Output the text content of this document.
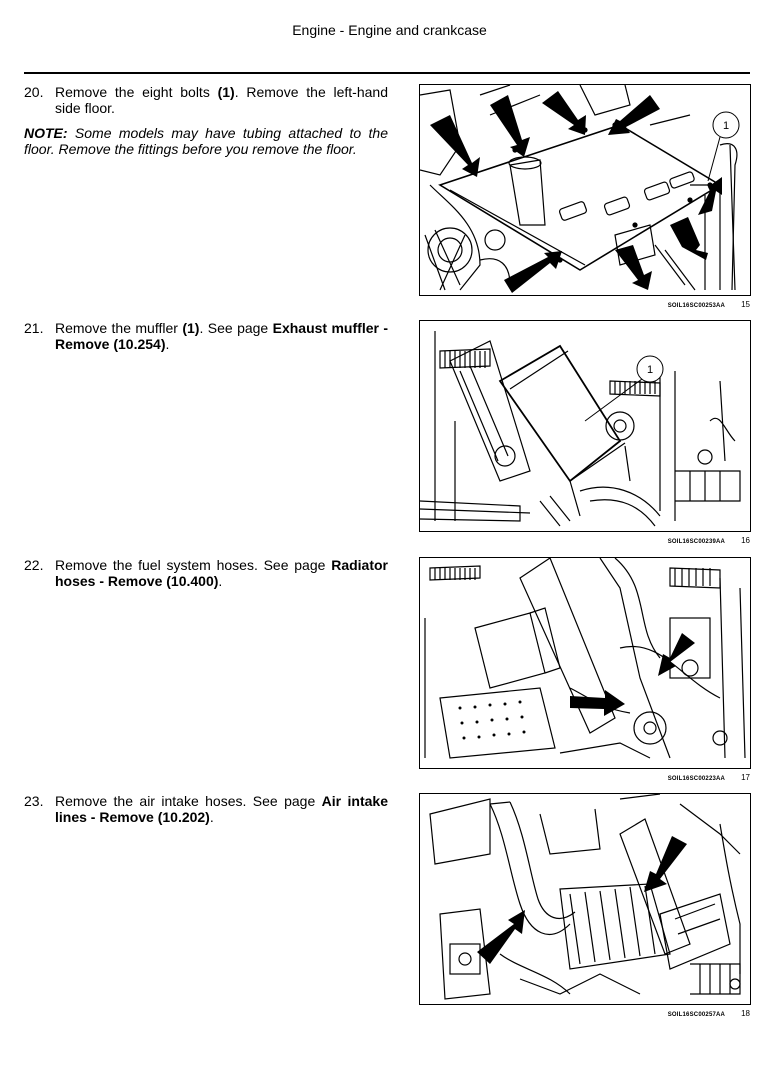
Engine - Engine and crankcase
20. Remove the eight bolts (1). Remove the left-hand side floor.
NOTE: Some models may have tubing attached to the floor. Remove the fittings before you remove the floor.
21. Remove the muffler (1). See page Exhaust muffler - Remove (10.254).
22. Remove the fuel system hoses. See page Radiator hoses - Remove (10.400).
23. Remove the air intake hoses. See page Air intake lines - Remove (10.202).
1
SOIL16SC00253AA 15
1
SOIL16SC00239AA 16
SOIL16SC00223AA 17
SOIL16SC00257AA 18
